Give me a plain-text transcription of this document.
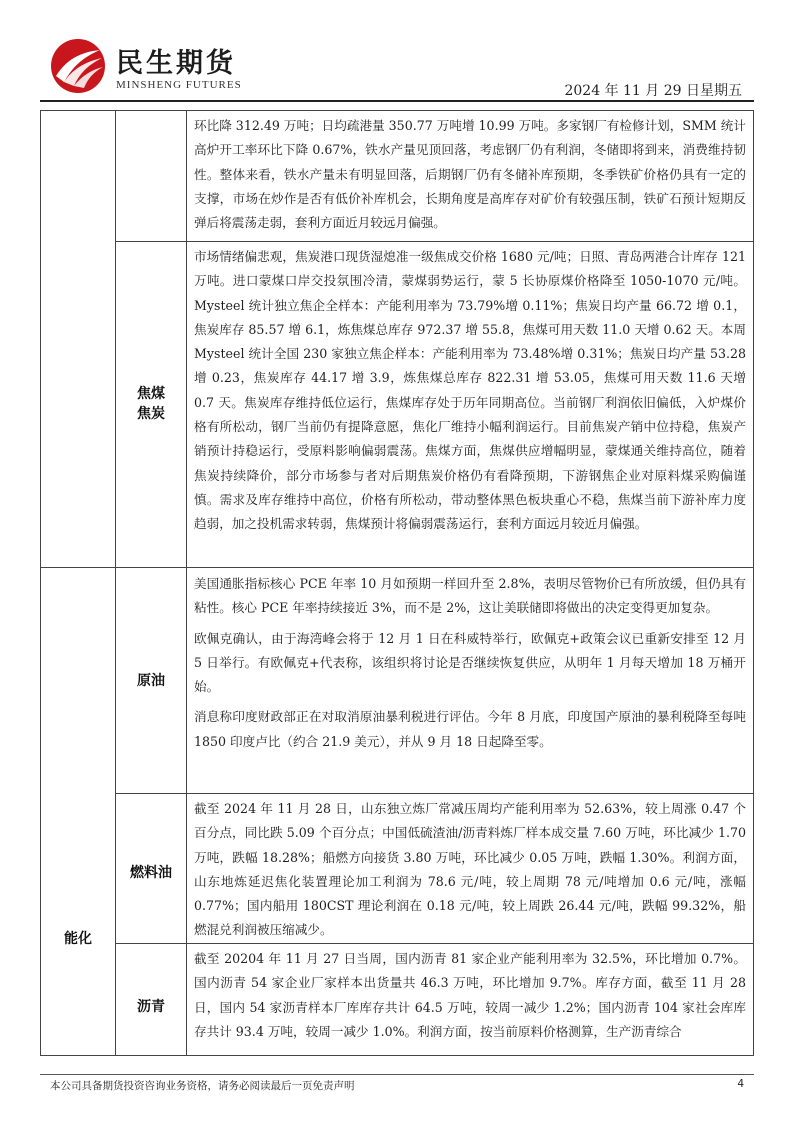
民生期货
MINSHENG FUTURES	2024 年 11 月 29 日星期五
环比降 312.49 万吨；日均疏港量 350.77 万吨增 10.99 万吨。多家钢厂有检修计划，SMM 统计高炉开工率环比下降 0.67%，铁水产量见顶回落，考虑钢厂仍有利润，冬储即将到来，消费维持韧性。整体来看，铁水产量未有明显回落，后期钢厂仍有冬储补库预期，冬季铁矿价格仍具有一定的支撑，市场在炒作是否有低价补库机会，长期角度是高库存对矿价有较强压制，铁矿石预计短期反弹后将震荡走弱，套利方面近月较远月偏强。
焦煤
焦炭
市场情绪偏悲观，焦炭港口现货湿熄准一级焦成交价格 1680 元/吨；日照、青岛两港合计库存 121 万吨。进口蒙煤口岸交投氛围冷清，蒙煤弱势运行，蒙 5 长协原煤价格降至 1050-1070 元/吨。Mysteel 统计独立焦企全样本：产能利用率为 73.79%增 0.11%；焦炭日均产量 66.72 增 0.1，焦炭库存 85.57 增 6.1，炼焦煤总库存 972.37 增 55.8，焦煤可用天数 11.0 天增 0.62 天。本周 Mysteel 统计全国 230 家独立焦企样本：产能利用率为 73.48%增 0.31%；焦炭日均产量 53.28 增 0.23，焦炭库存 44.17 增 3.9，炼焦煤总库存 822.31 增 53.05，焦煤可用天数 11.6 天增 0.7 天。焦炭库存维持低位运行，焦煤库存处于历年同期高位。当前钢厂利润依旧偏低，入炉煤价格有所松动，钢厂当前仍有提降意愿，焦化厂维持小幅利润运行。目前焦炭产销中位持稳，焦炭产销预计持稳运行，受原料影响偏弱震荡。焦煤方面，焦煤供应增幅明显，蒙煤通关维持高位，随着焦炭持续降价，部分市场参与者对后期焦炭价格仍有看降预期，下游钢焦企业对原料煤采购偏谨慎。需求及库存维持中高位，价格有所松动，带动整体黑色板块重心不稳，焦煤当前下游补库力度趋弱，加之投机需求转弱，焦煤预计将偏弱震荡运行，套利方面远月较近月偏强。
能化
原油

美国通胀指标核心 PCE 年率 10 月如预期一样回升至 2.8%，表明尽管物价已有所放缓，但仍具有粘性。核心 PCE 年率持续接近 3%，而不是 2%，这让美联储即将做出的决定变得更加复杂。

欧佩克确认，由于海湾峰会将于 12 月 1 日在科威特举行，欧佩克+政策会议已重新安排至 12 月 5 日举行。有欧佩克+代表称，该组织将讨论是否继续恢复供应，从明年 1 月每天增加 18 万桶开始。

消息称印度财政部正在对取消原油暴利税进行评估。今年 8 月底，印度国产原油的暴利税降至每吨 1850 印度卢比（约合 21.9 美元），并从 9 月 18 日起降至零。

燃料油
截至 2024 年 11 月 28 日，山东独立炼厂常减压周均产能利用率为 52.63%，较上周涨 0.47 个百分点，同比跌 5.09 个百分点；中国低硫渣油/沥青料炼厂样本成交量 7.60 万吨，环比减少 1.70 万吨，跌幅 18.28%；船燃方向接货 3.80 万吨，环比减少 0.05 万吨，跌幅 1.30%。利润方面，山东地炼延迟焦化装置理论加工利润为 78.6 元/吨，较上周期 78 元/吨增加 0.6 元/吨，涨幅 0.77%；国内船用 180CST 理论利润在 0.18 元/吨，较上周跌 26.44 元/吨，跌幅 99.32%，船燃混兑利润被压缩减少。
沥青
截至 20204 年 11 月 27 日当周，国内沥青 81 家企业产能利用率为 32.5%，环比增加 0.7%。国内沥青 54 家企业厂家样本出货量共 46.3 万吨，环比增加 9.7%。库存方面，截至 11 月 28 日，国内 54 家沥青样本厂库库存共计 64.5 万吨，较周一减少 1.2%；国内沥青 104 家社会库库存共计 93.4 万吨，较周一减少 1.0%。利润方面，按当前原料价格测算，生产沥青综合
本公司具备期货投资咨询业务资格，请务必阅读最后一页免责声明	4
